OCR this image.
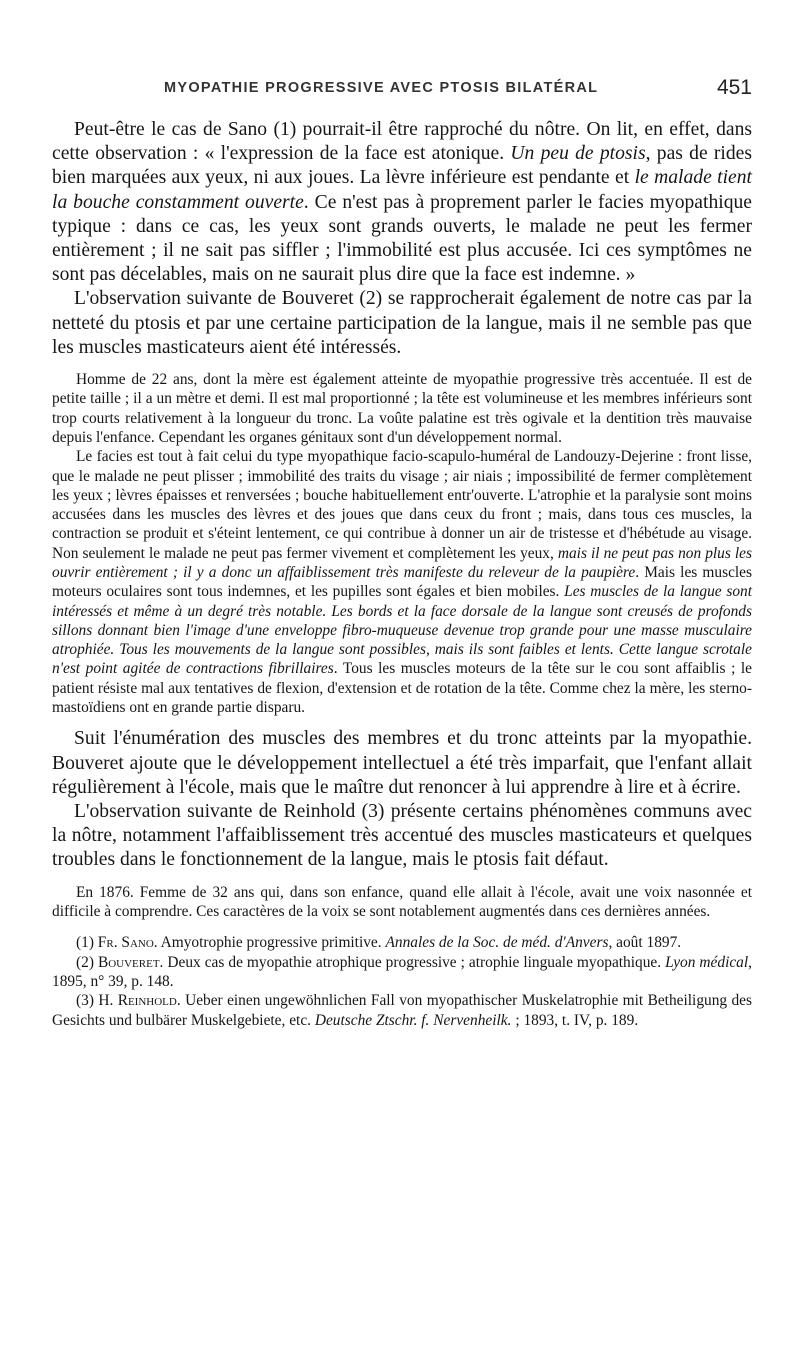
MYOPATHIE PROGRESSIVE AVEC PTOSIS BILATÉRAL	451

Peut-être le cas de Sano (1) pourrait-il être rapproché du nôtre. On lit, en effet, dans cette observation : « l'expression de la face est atonique. Un peu de ptosis, pas de rides bien marquées aux yeux, ni aux joues. La lèvre inférieure est pendante et le malade tient la bouche constamment ouverte. Ce n'est pas à proprement parler le facies myopathique typique : dans ce cas, les yeux sont grands ouverts, le malade ne peut les fermer entièrement ; il ne sait pas siffler ; l'immobilité est plus accusée. Ici ces symptômes ne sont pas décelables, mais on ne saurait plus dire que la face est indemne. »

L'observation suivante de Bouveret (2) se rapprocherait également de notre cas par la netteté du ptosis et par une certaine participation de la langue, mais il ne semble pas que les muscles masticateurs aient été intéressés.

Homme de 22 ans, dont la mère est également atteinte de myopathie progressive très accentuée. Il est de petite taille ; il a un mètre et demi. Il est mal proportionné ; la tête est volumineuse et les membres inférieurs sont trop courts relativement à la longueur du tronc. La voûte palatine est très ogivale et la dentition très mauvaise depuis l'enfance. Cependant les organes génitaux sont d'un développement normal.

Le facies est tout à fait celui du type myopathique facio-scapulo-huméral de Landouzy-Dejerine : front lisse, que le malade ne peut plisser ; immobilité des traits du visage ; air niais ; impossibilité de fermer complètement les yeux ; lèvres épaisses et renversées ; bouche habituellement entr'ouverte. L'atrophie et la paralysie sont moins accusées dans les muscles des lèvres et des joues que dans ceux du front ; mais, dans tous ces muscles, la contraction se produit et s'éteint lentement, ce qui contribue à donner un air de tristesse et d'hébétude au visage. Non seulement le malade ne peut pas fermer vivement et complètement les yeux, mais il ne peut pas non plus les ouvrir entièrement ; il y a donc un affaiblissement très manifeste du releveur de la paupière. Mais les muscles moteurs oculaires sont tous indemnes, et les pupilles sont égales et bien mobiles. Les muscles de la langue sont intéressés et même à un degré très notable. Les bords et la face dorsale de la langue sont creusés de profonds sillons donnant bien l'image d'une enveloppe fibro-muqueuse devenue trop grande pour une masse musculaire atrophiée. Tous les mouvements de la langue sont possibles, mais ils sont faibles et lents. Cette langue scrotale n'est point agitée de contractions fibrillaires. Tous les muscles moteurs de la tête sur le cou sont affaiblis ; le patient résiste mal aux tentatives de flexion, d'extension et de rotation de la tête. Comme chez la mère, les sterno-mastoïdiens ont en grande partie disparu.

Suit l'énumération des muscles des membres et du tronc atteints par la myopathie. Bouveret ajoute que le développement intellectuel a été très imparfait, que l'enfant allait régulièrement à l'école, mais que le maître dut renoncer à lui apprendre à lire et à écrire.

L'observation suivante de Reinhold (3) présente certains phénomènes communs avec la nôtre, notamment l'affaiblissement très accentué des muscles masticateurs et quelques troubles dans le fonctionnement de la langue, mais le ptosis fait défaut.

En 1876. Femme de 32 ans qui, dans son enfance, quand elle allait à l'école, avait une voix nasonnée et difficile à comprendre. Ces caractères de la voix se sont notablement augmentés dans ces dernières années.

(1) Fr. Sano. Amyotrophie progressive primitive. Annales de la Soc. de méd. d'Anvers, août 1897.

(2) Bouveret. Deux cas de myopathie atrophique progressive ; atrophie linguale myopathique. Lyon médical, 1895, n° 39, p. 148.

(3) H. Reinhold. Ueber einen ungewöhnlichen Fall von myopathischer Muskelatrophie mit Betheiligung des Gesichts und bulbärer Muskelgebiete, etc. Deutsche Ztschr. f. Nervenheilk. ; 1893, t. IV, p. 189.
